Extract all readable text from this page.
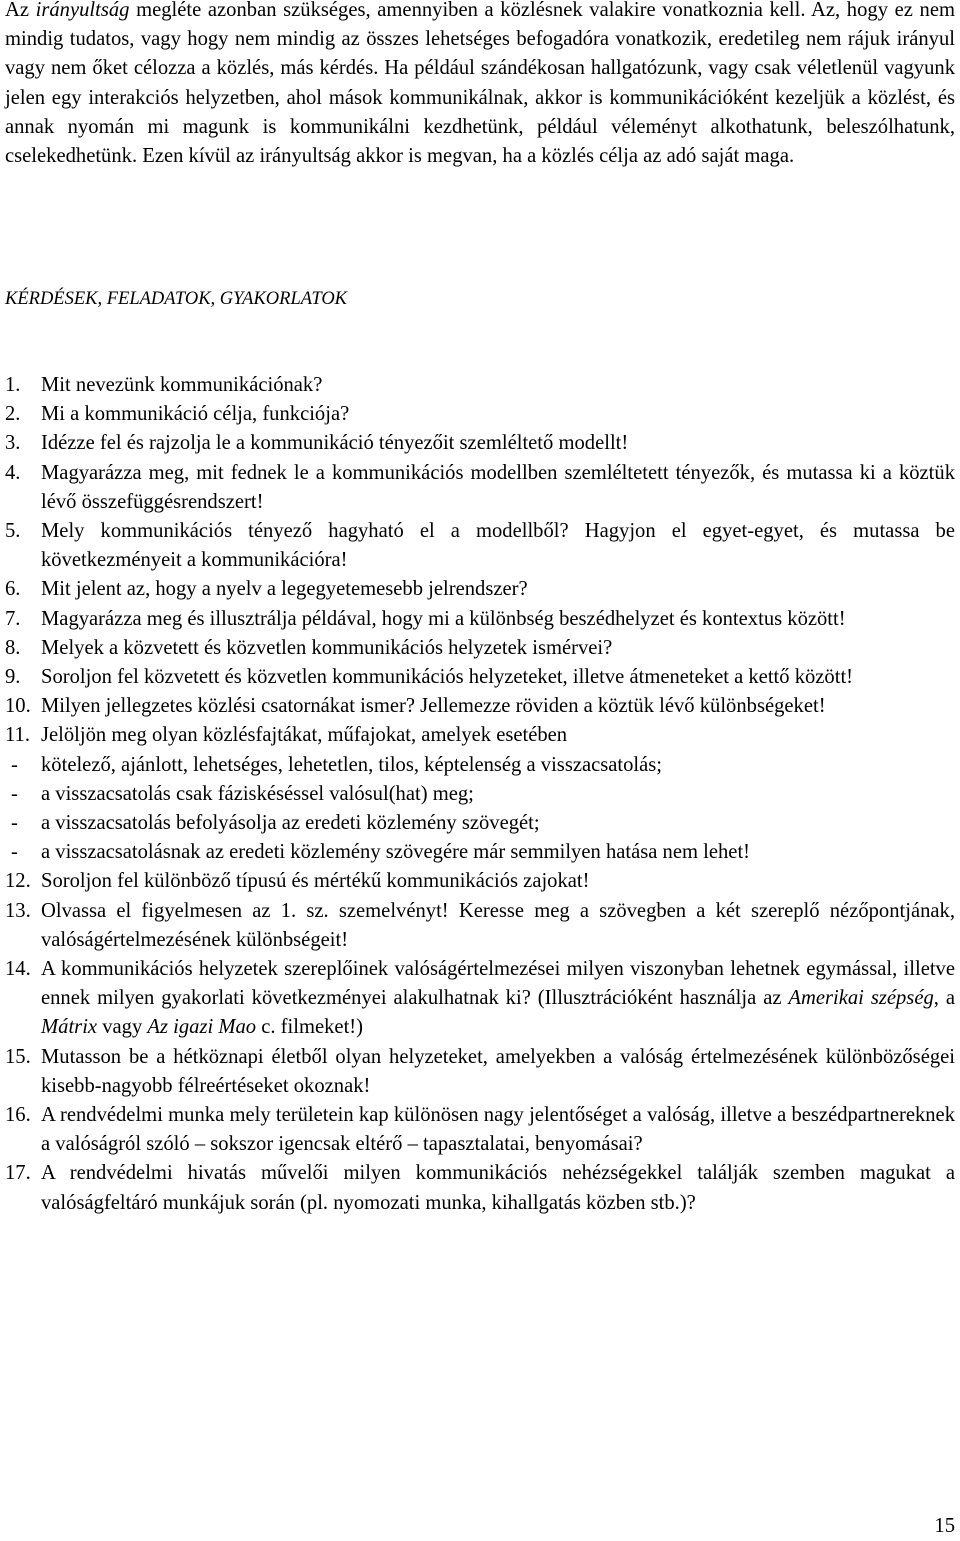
Az irányultság megléte azonban szükséges, amennyiben a közlésnek valakire vonatkoznia kell. Az, hogy ez nem mindig tudatos, vagy hogy nem mindig az összes lehetséges befogadóra vonatkozik, eredetileg nem rájuk irányul vagy nem őket célozza a közlés, más kérdés. Ha például szándékosan hallgatózunk, vagy csak véletlenül vagyunk jelen egy interakciós helyzetben, ahol mások kommunikálnak, akkor is kommunikációként kezeljük a közlést, és annak nyomán mi magunk is kommunikálni kezdhetünk, például véleményt alkothatunk, beleszólhatunk, cselekedhetünk. Ezen kívül az irányultság akkor is megvan, ha a közlés célja az adó saját maga.

KÉRDÉSEK, FELADATOK, GYAKORLATOK
1. Mit nevezünk kommunikációnak?
2. Mi a kommunikáció célja, funkciója?
3. Idézze fel és rajzolja le a kommunikáció tényezőit szemléltető modellt!
4. Magyarázza meg, mit fednek le a kommunikációs modellben szemléltetett tényezők, és mutassa ki a köztük lévő összefüggésrendszert!
5. Mely kommunikációs tényező hagyható el a modellből? Hagyjon el egyet-egyet, és mutassa be következményeit a kommunikációra!
6. Mit jelent az, hogy a nyelv a legegyetemesebb jelrendszer?
7. Magyarázza meg és illusztrálja példával, hogy mi a különbség beszédhelyzet és kontextus között!
8. Melyek a közvetett és közvetlen kommunikációs helyzetek ismérvei?
9. Soroljon fel közvetett és közvetlen kommunikációs helyzeteket, illetve átmeneteket a kettő között!
10. Milyen jellegzetes közlési csatornákat ismer? Jellemezze röviden a köztük lévő különbségeket!
11. Jelöljön meg olyan közlésfajtákat, műfajokat, amelyek esetében
-	kötelező, ajánlott, lehetséges, lehetetlen, tilos, képtelenség a visszacsatolás;
-	a visszacsatolás csak fáziskéséssel valósul(hat) meg;
-	a visszacsatolás befolyásolja az eredeti közlemény szövegét;
-	a visszacsatolásnak az eredeti közlemény szövegére már semmilyen hatása nem lehet!
12. Soroljon fel különböző típusú és mértékű kommunikációs zajokat!
13. Olvassa el figyelmesen az 1. sz. szemelvényt! Keresse meg a szövegben a két szereplő nézőpontjának, valóságértelmezésének különbségeit!
14. A kommunikációs helyzetek szereplőinek valóságértelmezései milyen viszonyban lehetnek egymással, illetve ennek milyen gyakorlati következményei alakulhatnak ki? (Illusztrációként használja az Amerikai szépség, a Mátrix vagy Az igazi Mao c. filmeket!)
15. Mutasson be a hétköznapi életből olyan helyzeteket, amelyekben a valóság értelmezésének különbözőségei kisebb-nagyobb félreértéseket okoznak!
16. A rendvédelmi munka mely területein kap különösen nagy jelentőséget a valóság, illetve a beszédpartnereknek a valóságról szóló – sokszor igencsak eltérő – tapasztalatai, benyomásai?
17. A rendvédelmi hivatás művelői milyen kommunikációs nehézségekkel találják szemben magukat a valóságfeltáró munkájuk során (pl. nyomozati munka, kihallgatás közben stb.)?
15
